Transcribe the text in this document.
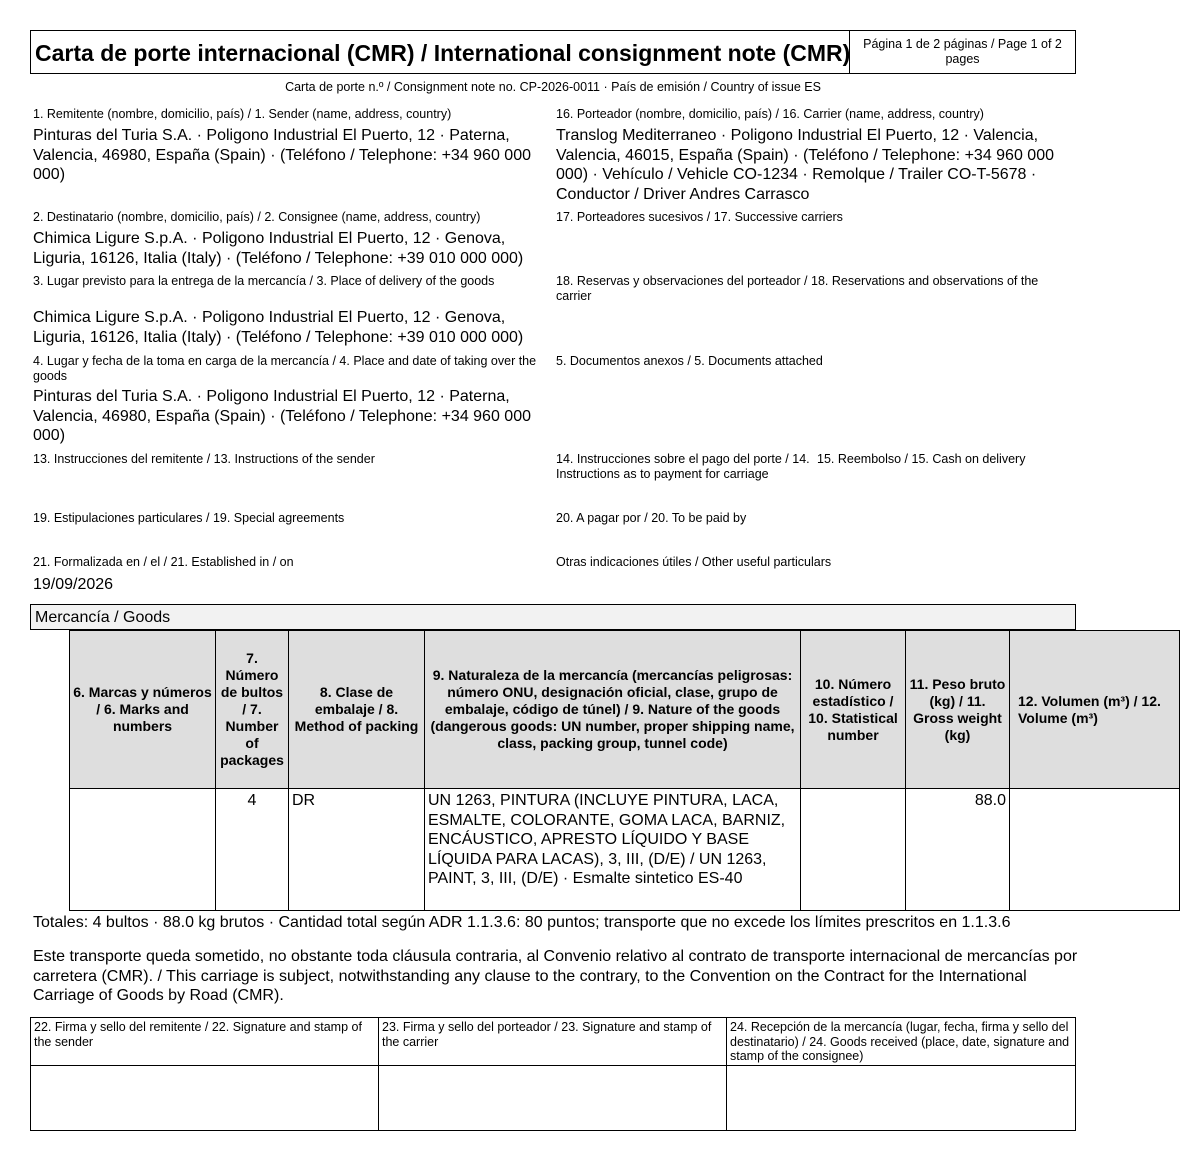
Carta de porte internacional (CMR) / International consignment note (CMR)	Página 1 de 2 páginas / Page 1 of 2 pages
Carta de porte n.º / Consignment note no. CP-2026-0011 · País de emisión / Country of issue ES
1. Remitente (nombre, domicilio, país) / 1. Sender (name, address, country)
Pinturas del Turia S.A. · Poligono Industrial El Puerto, 12 · Paterna, Valencia, 46980, España (Spain) · (Teléfono / Telephone: +34 960 000 000)
2. Destinatario (nombre, domicilio, país) / 2. Consignee (name, address, country)
Chimica Ligure S.p.A. · Poligono Industrial El Puerto, 12 · Genova, Liguria, 16126, Italia (Italy) · (Teléfono / Telephone: +39 010 000 000)
3. Lugar previsto para la entrega de la mercancía / 3. Place of delivery of the goods
Chimica Ligure S.p.A. · Poligono Industrial El Puerto, 12 · Genova, Liguria, 16126, Italia (Italy) · (Teléfono / Telephone: +39 010 000 000)
4. Lugar y fecha de la toma en carga de la mercancía / 4. Place and date of taking over the goods
Pinturas del Turia S.A. · Poligono Industrial El Puerto, 12 · Paterna, Valencia, 46980, España (Spain) · (Teléfono / Telephone: +34 960 000 000)
13. Instrucciones del remitente / 13. Instructions of the sender
19. Estipulaciones particulares / 19. Special agreements
21. Formalizada en / el / 21. Established in / on
19/09/2026
16. Porteador (nombre, domicilio, país) / 16. Carrier (name, address, country)
Translog Mediterraneo · Poligono Industrial El Puerto, 12 · Valencia, Valencia, 46015, España (Spain) · (Teléfono / Telephone: +34 960 000 000) · Vehículo / Vehicle CO-1234 · Remolque / Trailer CO-T-5678 · Conductor / Driver Andres Carrasco
17. Porteadores sucesivos / 17. Successive carriers
18. Reservas y observaciones del porteador / 18. Reservations and observations of the carrier
5. Documentos anexos / 5. Documents attached
14. Instrucciones sobre el pago del porte / 14. Instructions as to payment for carriage
15. Reembolso / 15. Cash on delivery
20. A pagar por / 20. To be paid by
Otras indicaciones útiles / Other useful particulars
Mercancía / Goods
6. Marcas y números / 6. Marks and numbers	7. Número de bultos / 7. Number of packages	8. Clase de embalaje / 8. Method of packing	9. Naturaleza de la mercancía (mercancías peligrosas: número ONU, designación oficial, clase, grupo de embalaje, código de túnel) / 9. Nature of the goods (dangerous goods: UN number, proper shipping name, class, packing group, tunnel code)	10. Número estadístico / 10. Statistical number	11. Peso bruto (kg) / 11. Gross weight (kg)	12. Volumen (m³) / 12. Volume (m³)
	4	DR	UN 1263, PINTURA (INCLUYE PINTURA, LACA, ESMALTE, COLORANTE, GOMA LACA, BARNIZ, ENCÁUSTICO, APRESTO LÍQUIDO Y BASE LÍQUIDA PARA LACAS), 3, III, (D/E) / UN 1263, PAINT, 3, III, (D/E) · Esmalte sintetico ES-40		88.0	
Totales: 4 bultos · 88.0 kg brutos · Cantidad total según ADR 1.1.3.6: 80 puntos; transporte que no excede los límites prescritos en 1.1.3.6
Este transporte queda sometido, no obstante toda cláusula contraria, al Convenio relativo al contrato de transporte internacional de mercancías por carretera (CMR). / This carriage is subject, notwithstanding any clause to the contrary, to the Convention on the Contract for the International Carriage of Goods by Road (CMR).
22. Firma y sello del remitente / 22. Signature and stamp of the sender
23. Firma y sello del porteador / 23. Signature and stamp of the carrier
24. Recepción de la mercancía (lugar, fecha, firma y sello del destinatario) / 24. Goods received (place, date, signature and stamp of the consignee)
